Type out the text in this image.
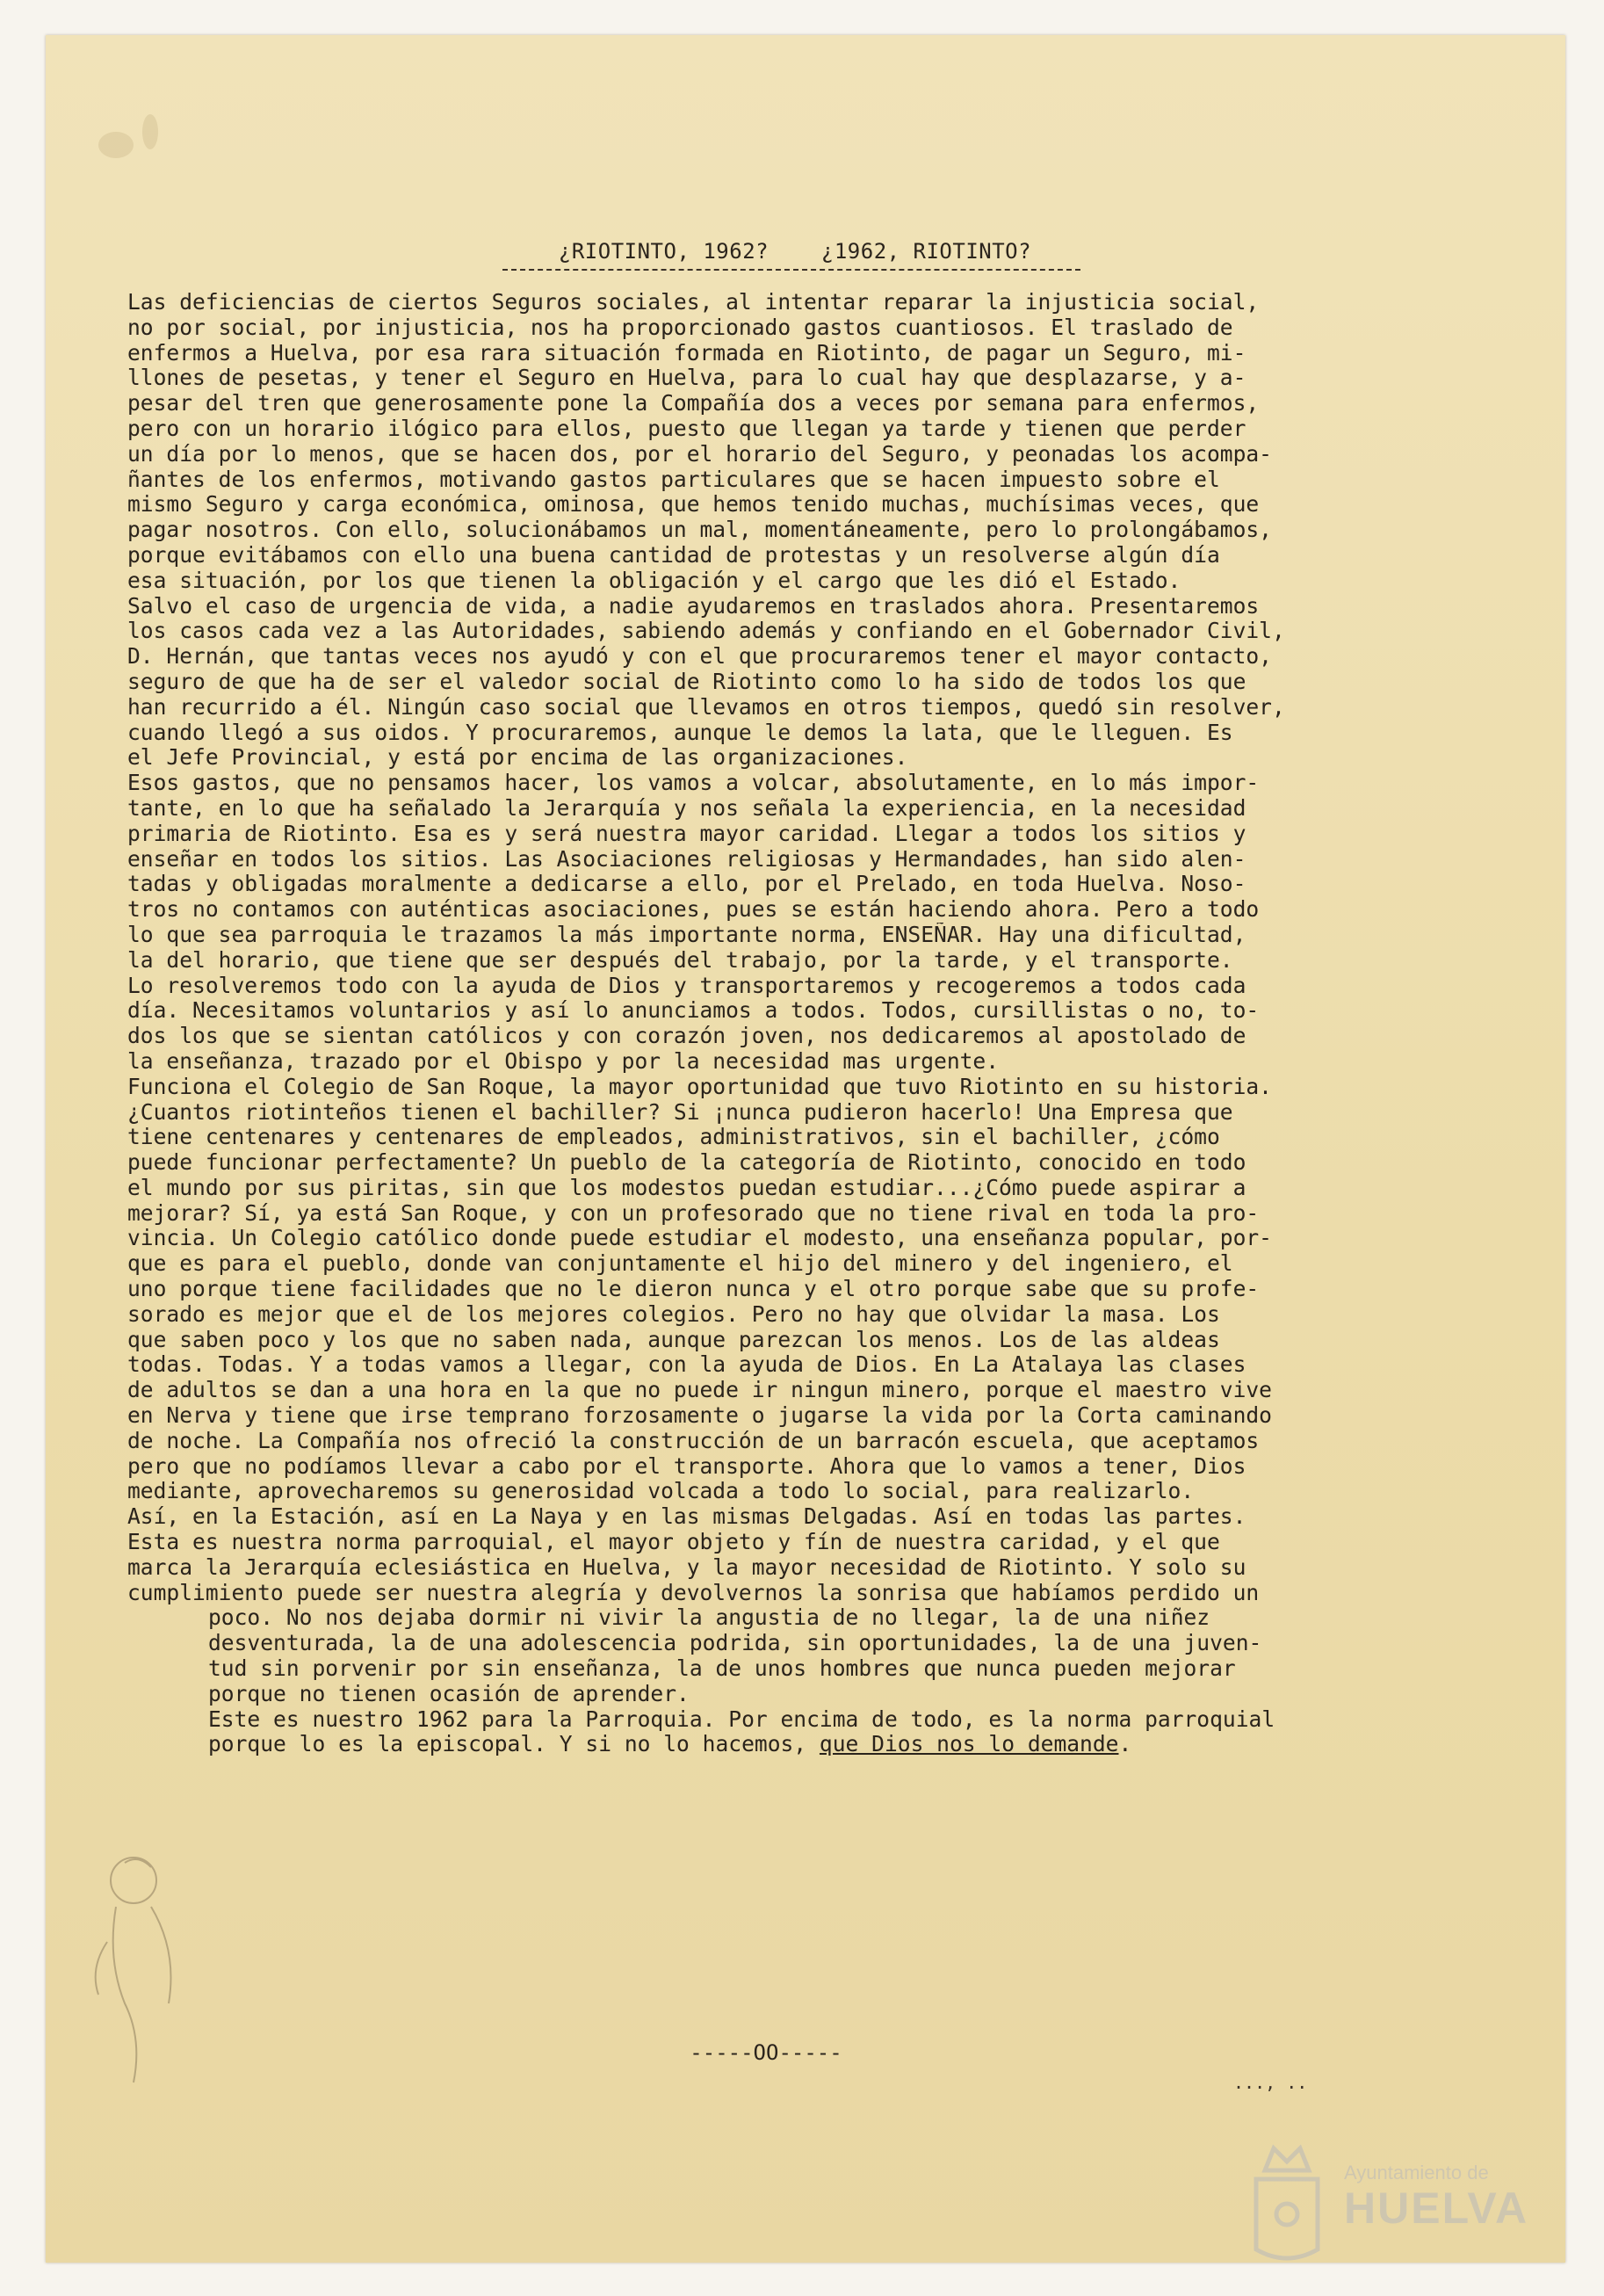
¿RIOTINTO, 1962?    ¿1962, RIOTINTO?
Las deficiencias de ciertos Seguros sociales, al intentar reparar la injusticia social,
no por social, por injusticia, nos ha proporcionado gastos cuantiosos. El traslado de
enfermos a Huelva, por esa rara situación formada en Riotinto, de pagar un Seguro, mi-
llones de pesetas, y tener el Seguro en Huelva, para lo cual hay que desplazarse, y a-
pesar del tren que generosamente pone la Compañía dos a veces por semana para enfermos,
pero con un horario ilógico para ellos, puesto que llegan ya tarde y tienen que perder
un día por lo menos, que se hacen dos, por el horario del Seguro, y peonadas los acompa-
ñantes de los enfermos, motivando gastos particulares que se hacen impuesto sobre el
mismo Seguro y carga económica, ominosa, que hemos tenido muchas, muchísimas veces, que
pagar nosotros. Con ello, solucionábamos un mal, momentáneamente, pero lo prolongábamos,
porque evitábamos con ello una buena cantidad de protestas y un resolverse algún día
esa situación, por los que tienen la obligación y el cargo que les dió el Estado.
Salvo el caso de urgencia de vida, a nadie ayudaremos en traslados ahora. Presentaremos
los casos cada vez a las Autoridades, sabiendo además y confiando en el Gobernador Civil,
D. Hernán, que tantas veces nos ayudó y con el que procuraremos tener el mayor contacto,
seguro de que ha de ser el valedor social de Riotinto como lo ha sido de todos los que
han recurrido a él. Ningún caso social que llevamos en otros tiempos, quedó sin resolver,
cuando llegó a sus oidos. Y procuraremos, aunque le demos la lata, que le lleguen. Es
el Jefe Provincial, y está por encima de las organizaciones.
Esos gastos, que no pensamos hacer, los vamos a volcar, absolutamente, en lo más impor-
tante, en lo que ha señalado la Jerarquía y nos señala la experiencia, en la necesidad
primaria de Riotinto. Esa es y será nuestra mayor caridad. Llegar a todos los sitios y
enseñar en todos los sitios. Las Asociaciones religiosas y Hermandades, han sido alen-
tadas y obligadas moralmente a dedicarse a ello, por el Prelado, en toda Huelva. Noso-
tros no contamos con auténticas asociaciones, pues se están haciendo ahora. Pero a todo
lo que sea parroquia le trazamos la más importante norma, ENSEÑAR. Hay una dificultad,
la del horario, que tiene que ser después del trabajo, por la tarde, y el transporte.
Lo resolveremos todo con la ayuda de Dios y transportaremos y recogeremos a todos cada
día. Necesitamos voluntarios y así lo anunciamos a todos. Todos, cursillistas o no, to-
dos los que se sientan católicos y con corazón joven, nos dedicaremos al apostolado de
la enseñanza, trazado por el Obispo y por la necesidad mas urgente.
Funciona el Colegio de San Roque, la mayor oportunidad que tuvo Riotinto en su historia.
¿Cuantos riotinteños tienen el bachiller? Si ¡nunca pudieron hacerlo! Una Empresa que
tiene centenares y centenares de empleados, administrativos, sin el bachiller, ¿cómo
puede funcionar perfectamente? Un pueblo de la categoría de Riotinto, conocido en todo
el mundo por sus piritas, sin que los modestos puedan estudiar...¿Cómo puede aspirar a
mejorar? Sí, ya está San Roque, y con un profesorado que no tiene rival en toda la pro-
vincia. Un Colegio católico donde puede estudiar el modesto, una enseñanza popular, por-
que es para el pueblo, donde van conjuntamente el hijo del minero y del ingeniero, el
uno porque tiene facilidades que no le dieron nunca y el otro porque sabe que su profe-
sorado es mejor que el de los mejores colegios. Pero no hay que olvidar la masa. Los
que saben poco y los que no saben nada, aunque parezcan los menos. Los de las aldeas
todas. Todas. Y a todas vamos a llegar, con la ayuda de Dios. En La Atalaya las clases
de adultos se dan a una hora en la que no puede ir ningun minero, porque el maestro vive
en Nerva y tiene que irse temprano forzosamente o jugarse la vida por la Corta caminando
de noche. La Compañía nos ofreció la construcción de un barracón escuela, que aceptamos
pero que no podíamos llevar a cabo por el transporte. Ahora que lo vamos a tener, Dios
mediante, aprovecharemos su generosidad volcada a todo lo social, para realizarlo.
Así, en la Estación, así en La Naya y en las mismas Delgadas. Así en todas las partes.
Esta es nuestra norma parroquial, el mayor objeto y fín de nuestra caridad, y el que
marca la Jerarquía eclesiástica en Huelva, y la mayor necesidad de Riotinto. Y solo su
cumplimiento puede ser nuestra alegría y devolvernos la sonrisa que habíamos perdido un
poco. No nos dejaba dormir ni vivir la angustia de no llegar, la de una niñez
desventurada, la de una adolescencia podrida, sin oportunidades, la de una juven-
tud sin porvenir por sin enseñanza, la de unos hombres que nunca pueden mejorar
porque no tienen ocasión de aprender.
Este es nuestro 1962 para la Parroquia. Por encima de todo, es la norma parroquial
porque lo es la episcopal. Y si no lo hacemos, que Dios nos lo demande.
-----OO-----
..., ..
Ayuntamiento de
HUELVA
